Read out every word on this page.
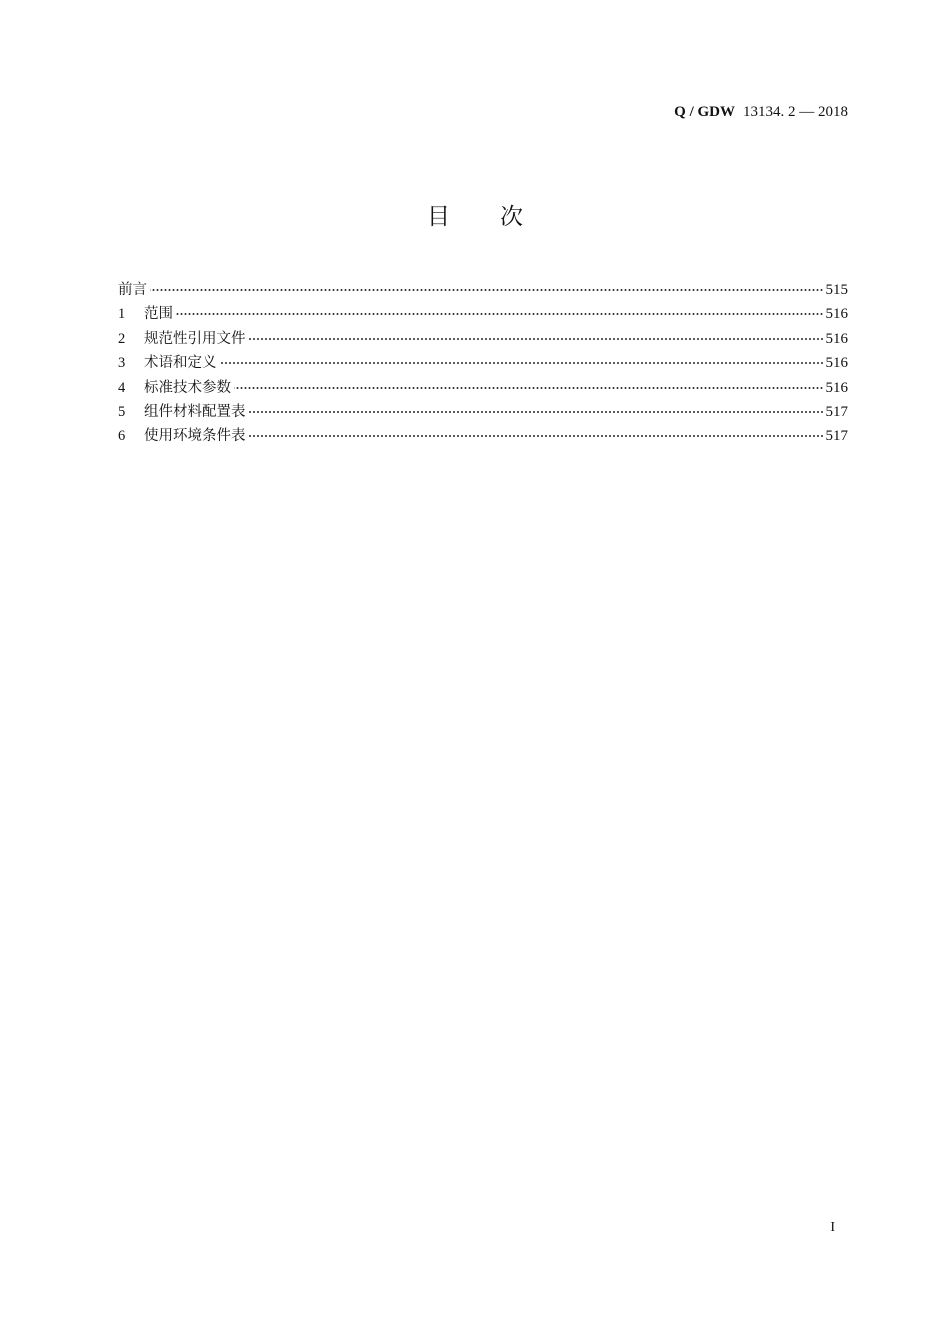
Q / GDW 13134. 2 — 2018
目次
前言	515
1	范围	516
2	规范性引用文件	516
3	术语和定义	516
4	标准技术参数	516
5	组件材料配置表	517
6	使用环境条件表	517
I
